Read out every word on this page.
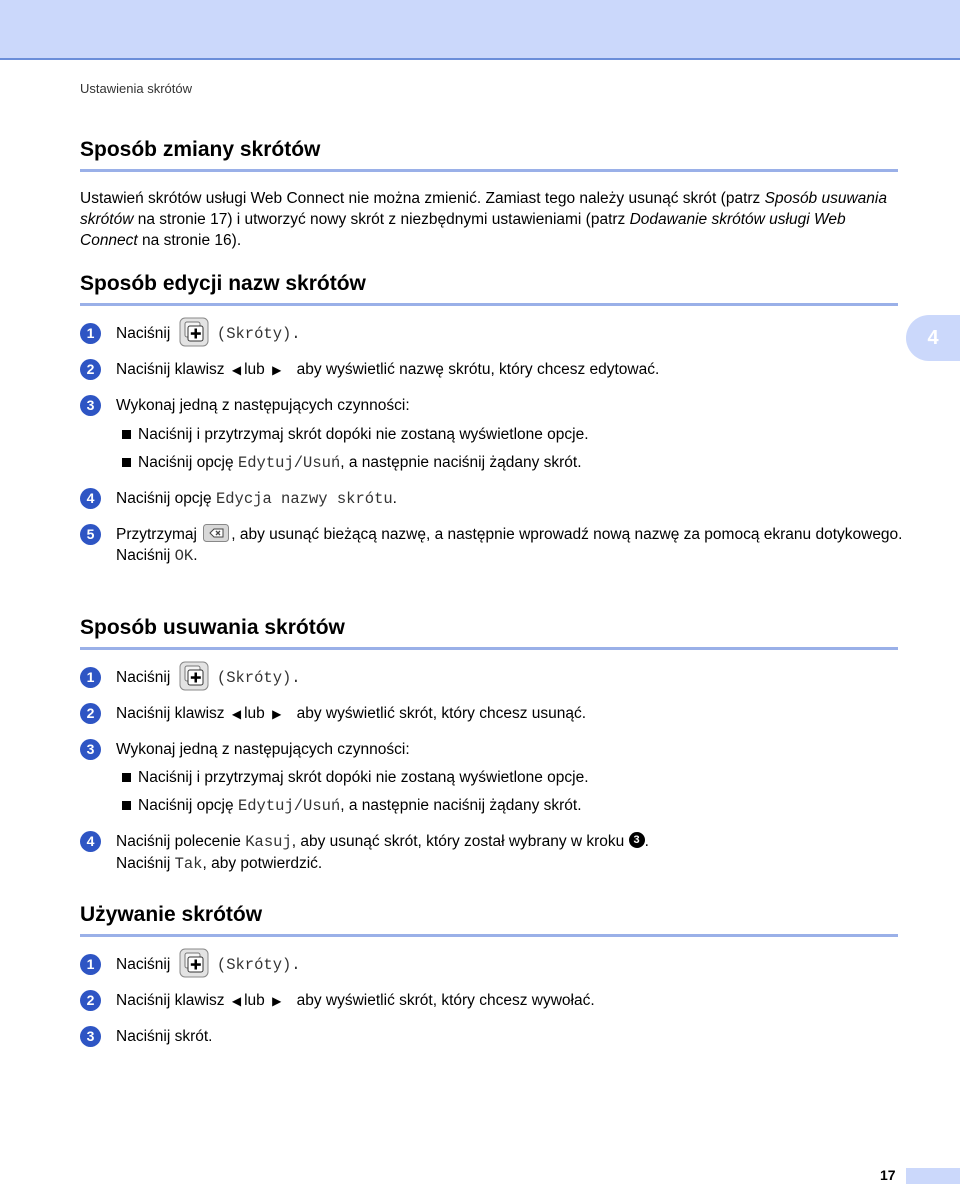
Ustawienia skrótów
Sposób zmiany skrótów
Ustawień skrótów usługi Web Connect nie można zmienić. Zamiast tego należy usunąć skrót (patrz Sposób usuwania skrótów na stronie 17) i utworzyć nowy skrót z niezbędnymi ustawieniami (patrz Dodawanie skrótów usługi Web Connect na stronie 16).
Sposób edycji nazw skrótów
1	Naciśnij	(Skróty).
2	Naciśnij klawisz ◀ lub ▶ aby wyświetlić nazwę skrótu, który chcesz edytować.
3	Wykonaj jedną z następujących czynności:
Naciśnij i przytrzymaj skrót dopóki nie zostaną wyświetlone opcje.
Naciśnij opcję Edytuj/Usuń, a następnie naciśnij żądany skrót.
4	Naciśnij opcję Edycja nazwy skrótu.
5	Przytrzymaj , aby usunąć bieżącą nazwę, a następnie wprowadź nową nazwę za pomocą ekranu dotykowego.
Naciśnij OK.
Sposób usuwania skrótów
1	Naciśnij	(Skróty).
2	Naciśnij klawisz ◀ lub ▶ aby wyświetlić skrót, który chcesz usunąć.
3	Wykonaj jedną z następujących czynności:
Naciśnij i przytrzymaj skrót dopóki nie zostaną wyświetlone opcje.
Naciśnij opcję Edytuj/Usuń, a następnie naciśnij żądany skrót.
4	Naciśnij polecenie Kasuj, aby usunąć skrót, który został wybrany w kroku 3 .
Naciśnij Tak, aby potwierdzić.
Używanie skrótów
1	Naciśnij	(Skróty).
2	Naciśnij klawisz ◀ lub ▶ aby wyświetlić skrót, który chcesz wywołać.
3	Naciśnij skrót.
4
17
